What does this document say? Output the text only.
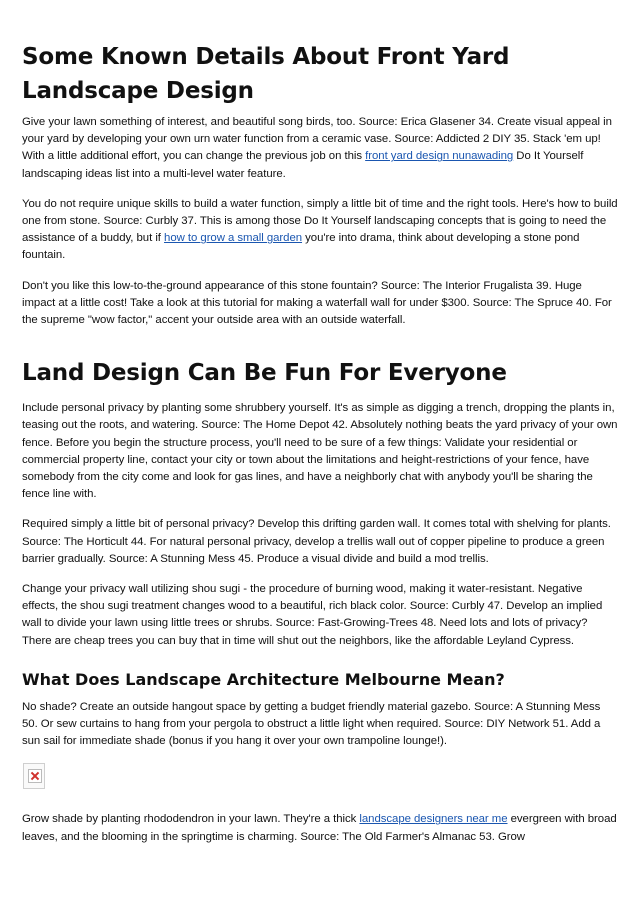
Some Known Details About Front Yard Landscape Design

Give your lawn something of interest, and beautiful song birds, too. Source: Erica Glasener 34. Create visual appeal in your yard by developing your own urn water function from a ceramic vase. Source: Addicted 2 DIY 35. Stack 'em up! With a little additional effort, you can change the previous job on this front yard design nunawading Do It Yourself landscaping ideas list into a multi-level water feature.

You do not require unique skills to build a water function, simply a little bit of time and the right tools. Here's how to build one from stone. Source: Curbly 37. This is among those Do It Yourself landscaping concepts that is going to need the assistance of a buddy, but if how to grow a small garden you're into drama, think about developing a stone pond fountain.

Don't you like this low-to-the-ground appearance of this stone fountain? Source: The Interior Frugalista 39. Huge impact at a little cost! Take a look at this tutorial for making a waterfall wall for under $300. Source: The Spruce 40. For the supreme "wow factor," accent your outside area with an outside waterfall.

Land Design Can Be Fun For Everyone

Include personal privacy by planting some shrubbery yourself. It's as simple as digging a trench, dropping the plants in, teasing out the roots, and watering. Source: The Home Depot 42. Absolutely nothing beats the yard privacy of your own fence. Before you begin the structure process, you'll need to be sure of a few things: Validate your residential or commercial property line, contact your city or town about the limitations and height-restrictions of your fence, have somebody from the city come and look for gas lines, and have a neighborly chat with anybody you'll be sharing the fence line with.

Required simply a little bit of personal privacy? Develop this drifting garden wall. It comes total with shelving for plants. Source: The Horticult 44. For natural personal privacy, develop a trellis wall out of copper pipeline to produce a green barrier gradually. Source: A Stunning Mess 45. Produce a visual divide and build a mod trellis.

Change your privacy wall utilizing shou sugi - the procedure of burning wood, making it water-resistant. Negative effects, the shou sugi treatment changes wood to a beautiful, rich black color. Source: Curbly 47. Develop an implied wall to divide your lawn using little trees or shrubs. Source: Fast-Growing-Trees 48. Need lots and lots of privacy? There are cheap trees you can buy that in time will shut out the neighbors, like the affordable Leyland Cypress.

What Does Landscape Architecture Melbourne Mean?

No shade? Create an outside hangout space by getting a budget friendly material gazebo. Source: A Stunning Mess 50. Or sew curtains to hang from your pergola to obstruct a little light when required. Source: DIY Network 51. Add a sun sail for immediate shade (bonus if you hang it over your own trampoline lounge!).

Grow shade by planting rhododendron in your lawn. They're a thick landscape designers near me evergreen with broad leaves, and the blooming in the springtime is charming. Source: The Old Farmer's Almanac 53. Grow
